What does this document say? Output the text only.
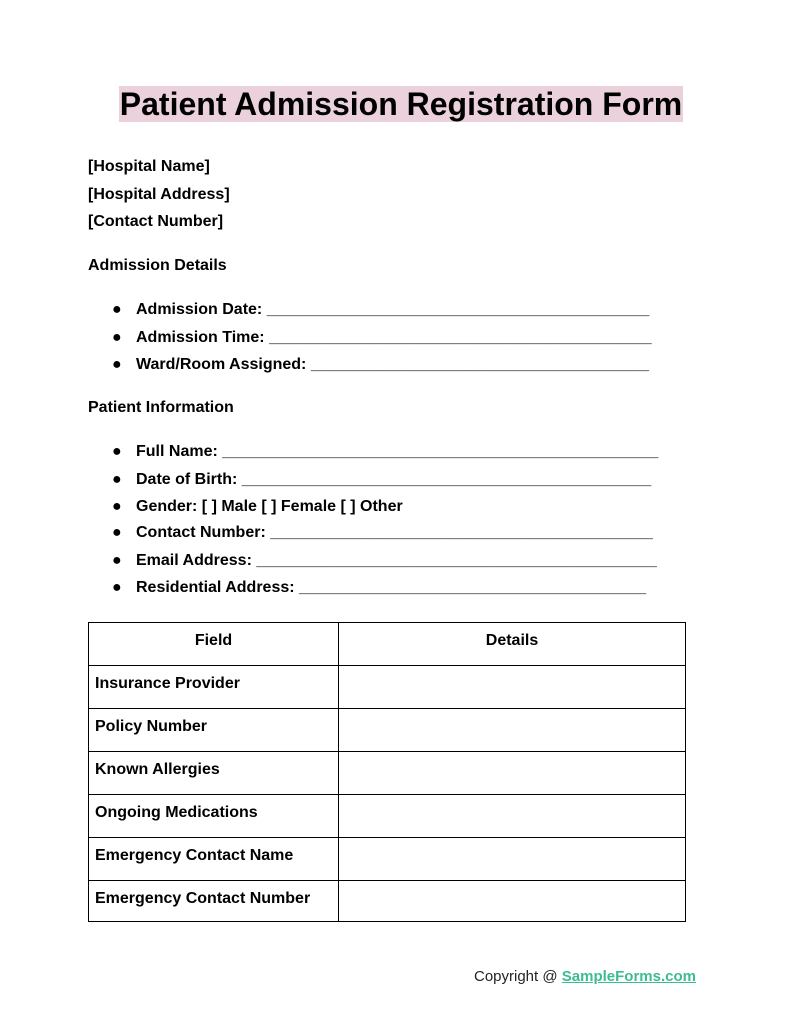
Patient Admission Registration Form
[Hospital Name]
[Hospital Address]
[Contact Number]
Admission Details
● Admission Date: ___________________________________________
● Admission Time: ___________________________________________
● Ward/Room Assigned: ______________________________________
Patient Information
● Full Name: _________________________________________________
● Date of Birth: ______________________________________________
● Gender: [ ] Male [ ] Female [ ] Other
● Contact Number: ___________________________________________
● Email Address: _____________________________________________
● Residential Address: _______________________________________
Field	Details
Insurance Provider	
Policy Number	
Known Allergies	
Ongoing Medications	
Emergency Contact Name	
Emergency Contact Number	
Copyright @ SampleForms.com
